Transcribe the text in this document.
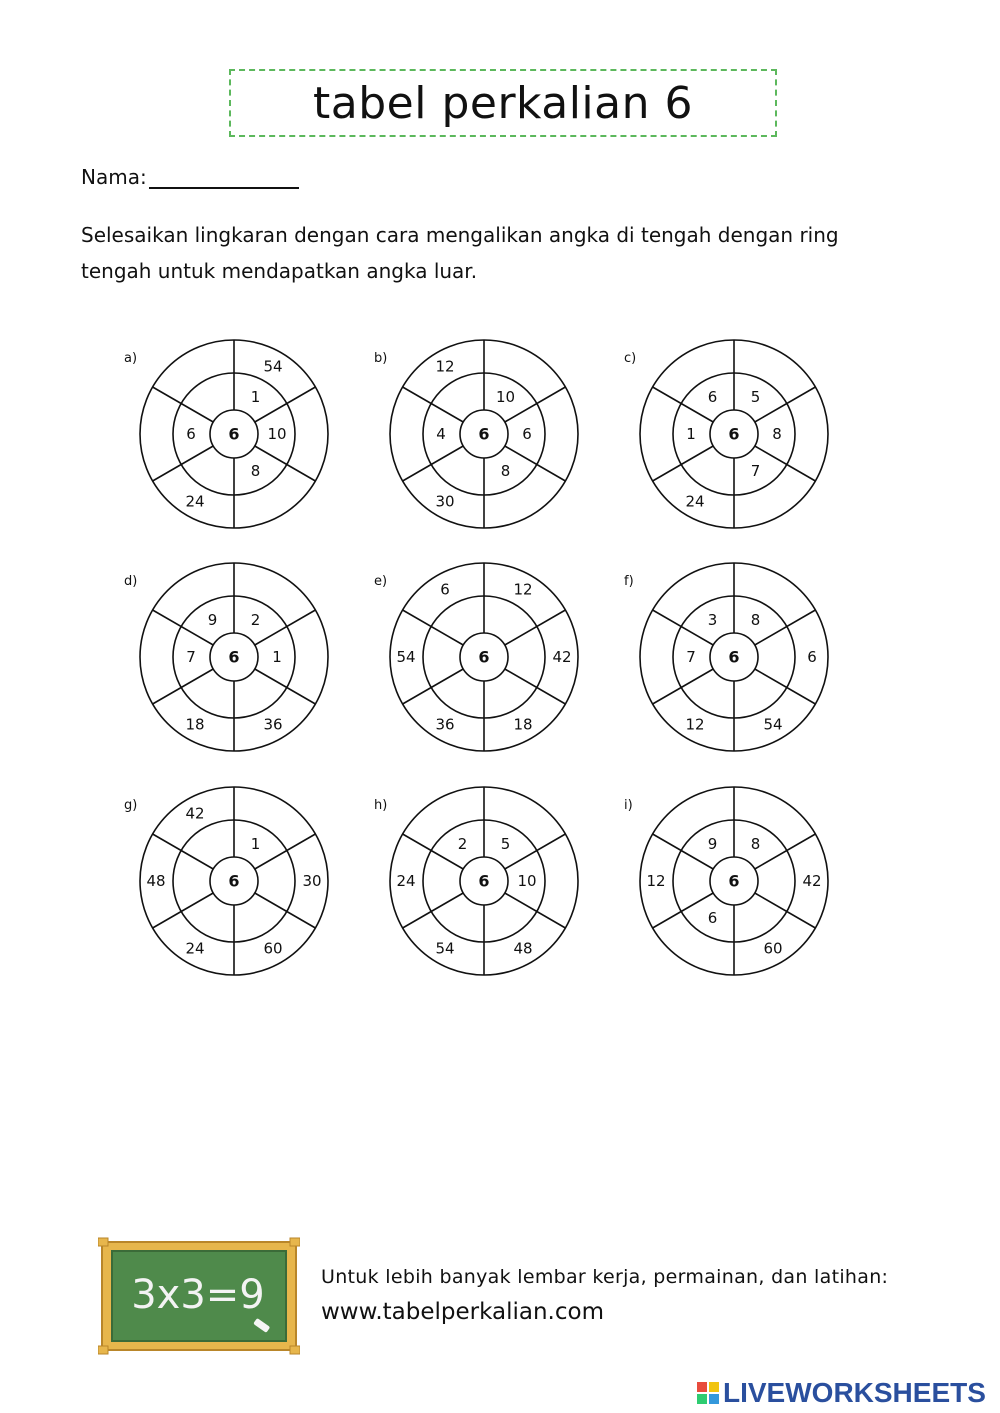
tabel perkalian 6
Nama:
Selesaikan lingkaran dengan cara mengalikan angka di tengah dengan ring tengah untuk mendapatkan angka luar.
a)
6
54
1
10
8
24
6
b)
6
10
6
8
30
4
12	c)
6
5
8
7
24
1
6
d)
6
2
1
36
18
7
9
e)
6
12
42
18
36
54
6	f)
6
8
6
54
12
7
3
g)
6
1
30
60
24
48
42	h)
6
5
10
48
54
24
2
i)
6
8
42
60
6
12
9
3x3=9	Untuk lebih banyak lembar kerja, permainan, dan latihan:
www.tabelperkalian.com
LIVEWORKSHEETS
